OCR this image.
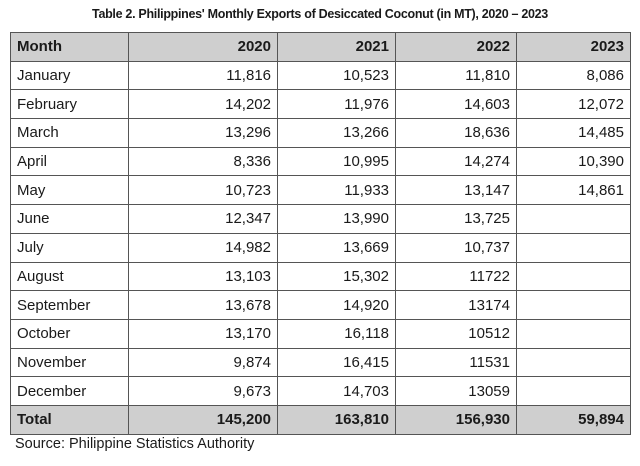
Table 2. Philippines' Monthly Exports of Desiccated Coconut (in MT), 2020 – 2023
Month	2020	2021	2022	2023
January	11,816	10,523	11,810	8,086
February	14,202	11,976	14,603	12,072
March	13,296	13,266	18,636	14,485
April	8,336	10,995	14,274	10,390
May	10,723	11,933	13,147	14,861
June	12,347	13,990	13,725	
July	14,982	13,669	10,737	
August	13,103	15,302	11722	
September	13,678	14,920	13174	
October	13,170	16,118	10512	
November	9,874	16,415	11531	
December	9,673	14,703	13059	
Total	145,200	163,810	156,930	59,894
Source: Philippine Statistics Authority
